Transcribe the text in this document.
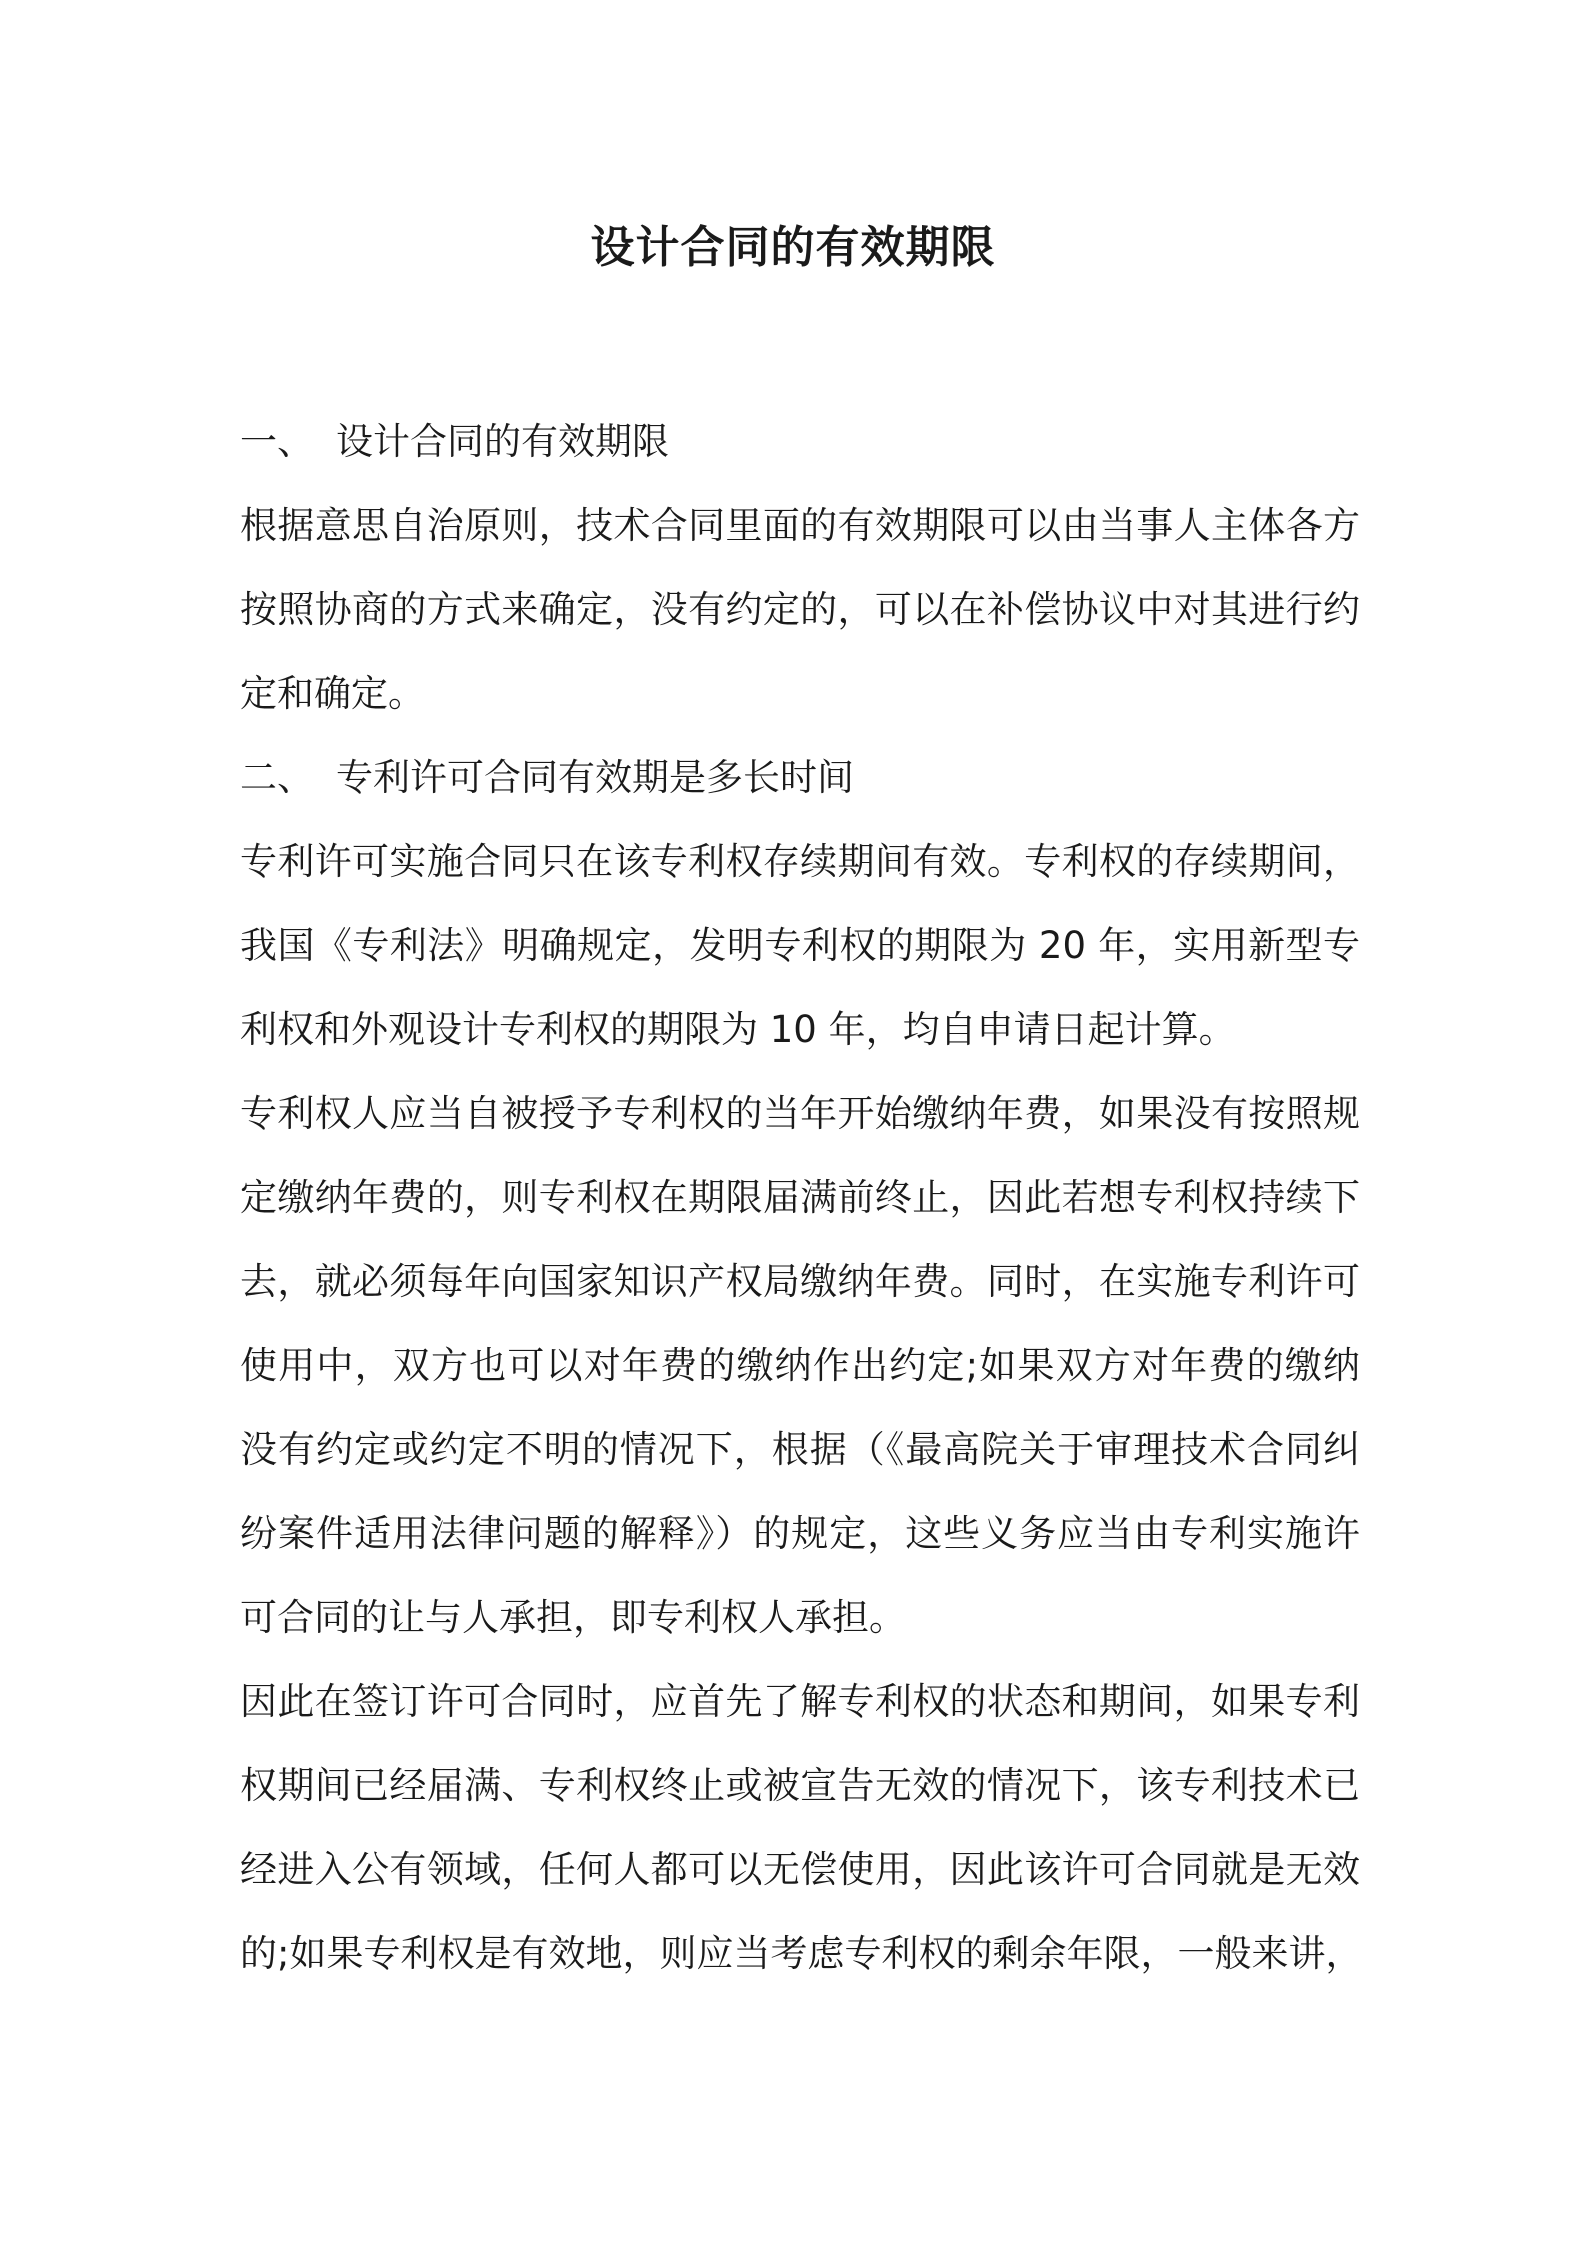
设计合同的有效期限
一、 设计合同的有效期限
根据意思自治原则，技术合同里面的有效期限可以由当事人主体各方
按照协商的方式来确定，没有约定的，可以在补偿协议中对其进行约
定和确定。
二、 专利许可合同有效期是多长时间
专利许可实施合同只在该专利权存续期间有效。专利权的存续期间，
我国《专利法》明确规定，发明专利权的期限为 20 年，实用新型专
利权和外观设计专利权的期限为 10 年，均自申请日起计算。
专利权人应当自被授予专利权的当年开始缴纳年费，如果没有按照规
定缴纳年费的，则专利权在期限届满前终止，因此若想专利权持续下
去，就必须每年向国家知识产权局缴纳年费。同时，在实施专利许可
使用中，双方也可以对年费的缴纳作出约定;如果双方对年费的缴纳
没有约定或约定不明的情况下，根据（《最高院关于审理技术合同纠
纷案件适用法律问题的解释》）的规定，这些义务应当由专利实施许
可合同的让与人承担，即专利权人承担。
因此在签订许可合同时，应首先了解专利权的状态和期间，如果专利
权期间已经届满、专利权终止或被宣告无效的情况下，该专利技术已
经进入公有领域，任何人都可以无偿使用，因此该许可合同就是无效
的;如果专利权是有效地，则应当考虑专利权的剩余年限，一般来讲，
